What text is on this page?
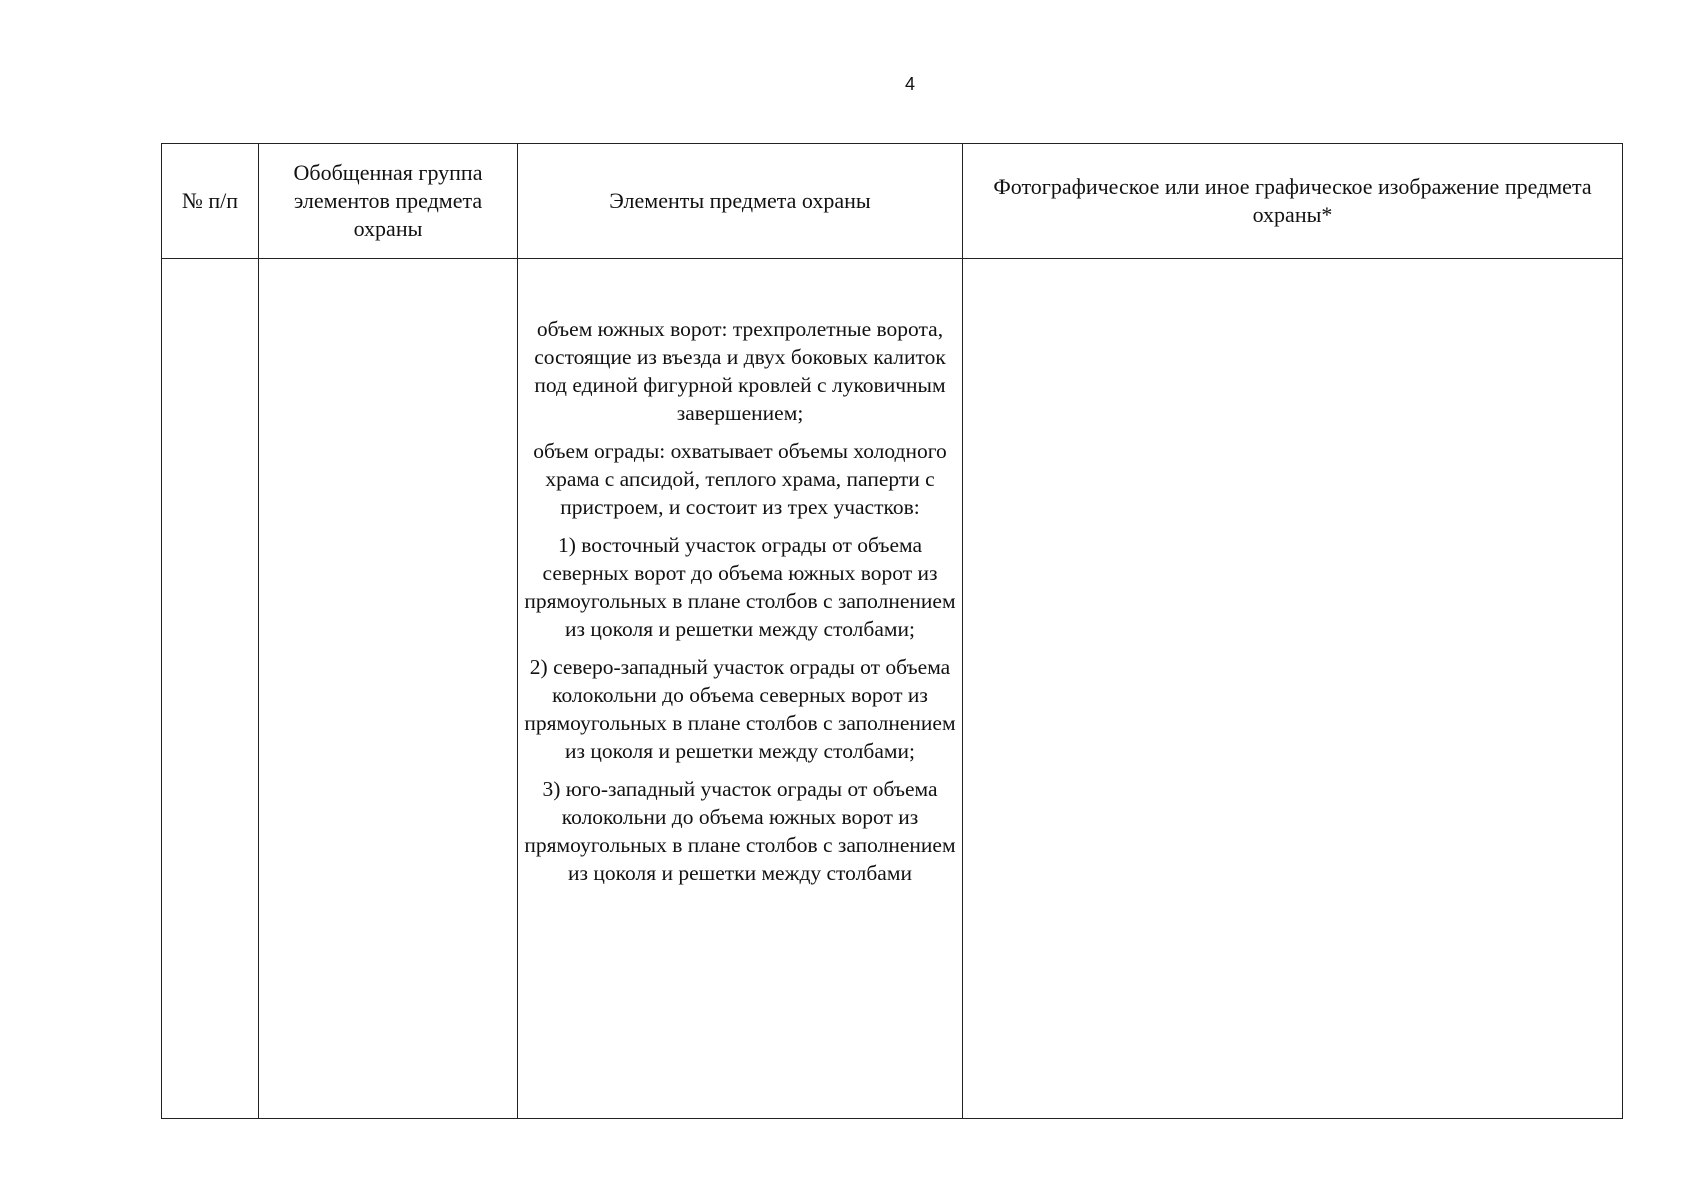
4
№ п/п	Обобщенная группа элементов предмета охраны	Элементы предмета охраны	Фотографическое или иное графическое изображение предмета охраны*

		объем южных ворот: трехпролетные ворота, состоящие из въезда и двух боковых калиток под единой фигурной кровлей с луковичным завершением;

объем ограды: охватывает объемы холодного храма с апсидой, теплого храма, паперти с пристроем, и состоит из трех участков:

1) восточный участок ограды от объема северных ворот до объема южных ворот из прямоугольных в плане столбов с заполнением из цоколя и решетки между столбами;

2) северо-западный участок ограды от объема колокольни до объема северных ворот из прямоугольных в плане столбов с заполнением из цоколя и решетки между столбами;

3) юго-западный участок ограды от объема колокольни до объема южных ворот из прямоугольных в плане столбов с заполнением из цоколя и решетки между столбами	
